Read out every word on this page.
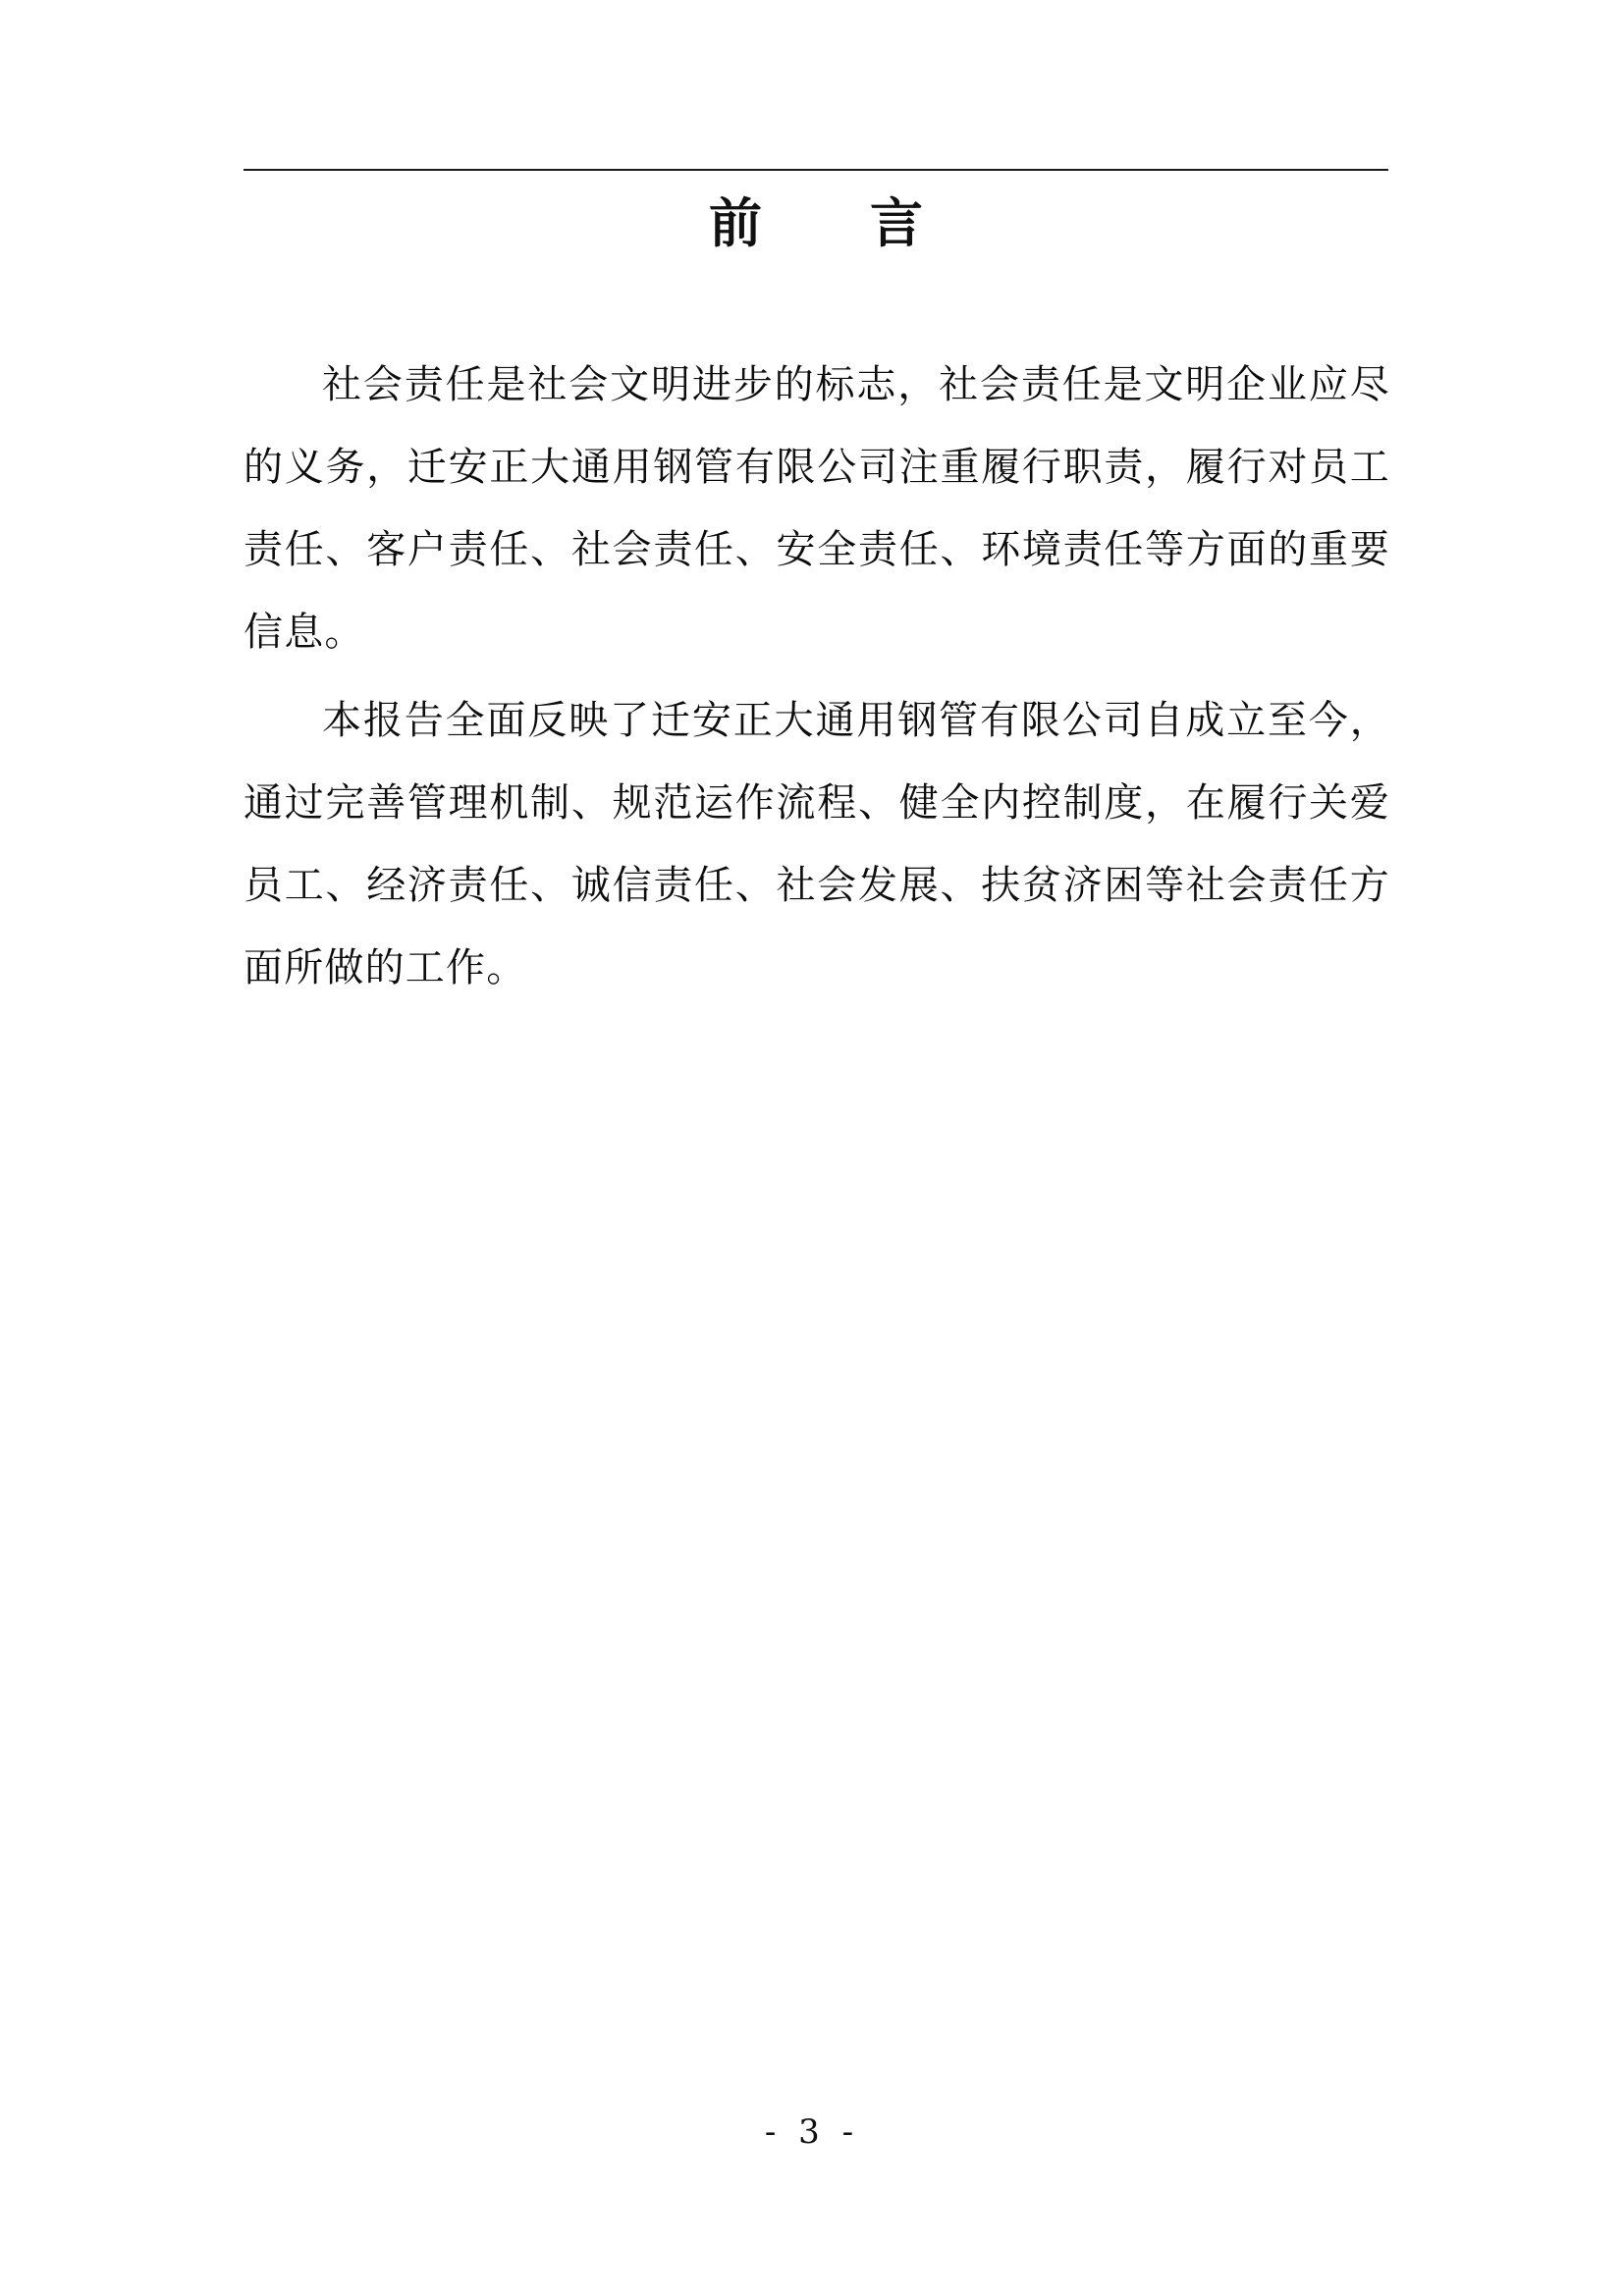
前　言

社会责任是社会文明进步的标志，社会责任是文明企业应尽的义务，迁安正大通用钢管有限公司注重履行职责，履行对员工责任、客户责任、社会责任、安全责任、环境责任等方面的重要信息。

本报告全面反映了迁安正大通用钢管有限公司自成立至今，通过完善管理机制、规范运作流程、健全内控制度，在履行关爱员工、经济责任、诚信责任、社会发展、扶贫济困等社会责任方面所做的工作。

- 3 -
